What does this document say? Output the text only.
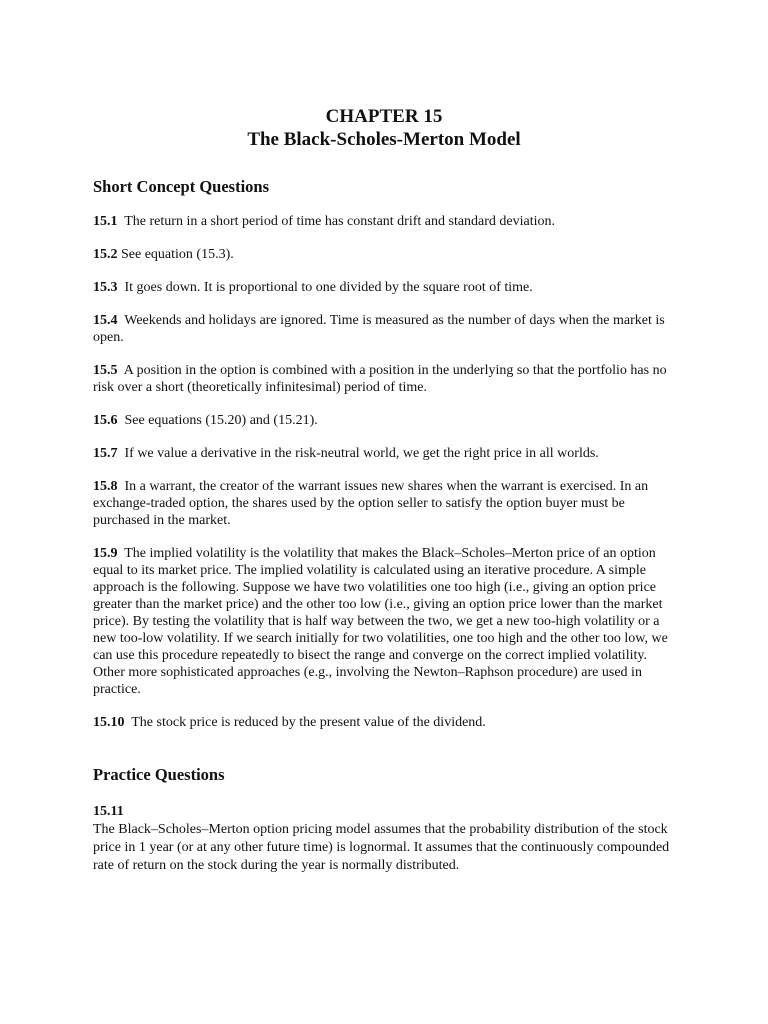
CHAPTER 15
The Black-Scholes-Merton Model
Short Concept Questions

15.1 The return in a short period of time has constant drift and standard deviation.

15.2 See equation (15.3).

15.3 It goes down. It is proportional to one divided by the square root of time.

15.4 Weekends and holidays are ignored. Time is measured as the number of days when the market is open.

15.5 A position in the option is combined with a position in the underlying so that the portfolio has no risk over a short (theoretically infinitesimal) period of time.

15.6 See equations (15.20) and (15.21).

15.7 If we value a derivative in the risk-neutral world, we get the right price in all worlds.

15.8 In a warrant, the creator of the warrant issues new shares when the warrant is exercised. In an exchange-traded option, the shares used by the option seller to satisfy the option buyer must be purchased in the market.

15.9 The implied volatility is the volatility that makes the Black–Scholes–Merton price of an option equal to its market price. The implied volatility is calculated using an iterative procedure. A simple approach is the following. Suppose we have two volatilities one too high (i.e., giving an option price greater than the market price) and the other too low (i.e., giving an option price lower than the market price). By testing the volatility that is half way between the two, we get a new too-high volatility or a new too-low volatility. If we search initially for two volatilities, one too high and the other too low, we can use this procedure repeatedly to bisect the range and converge on the correct implied volatility. Other more sophisticated approaches (e.g., involving the Newton–Raphson procedure) are used in practice.

15.10 The stock price is reduced by the present value of the dividend.

Practice Questions
15.11
The Black–Scholes–Merton option pricing model assumes that the probability distribution of the stock price in 1 year (or at any other future time) is lognormal. It assumes that the continuously compounded rate of return on the stock during the year is normally distributed.
